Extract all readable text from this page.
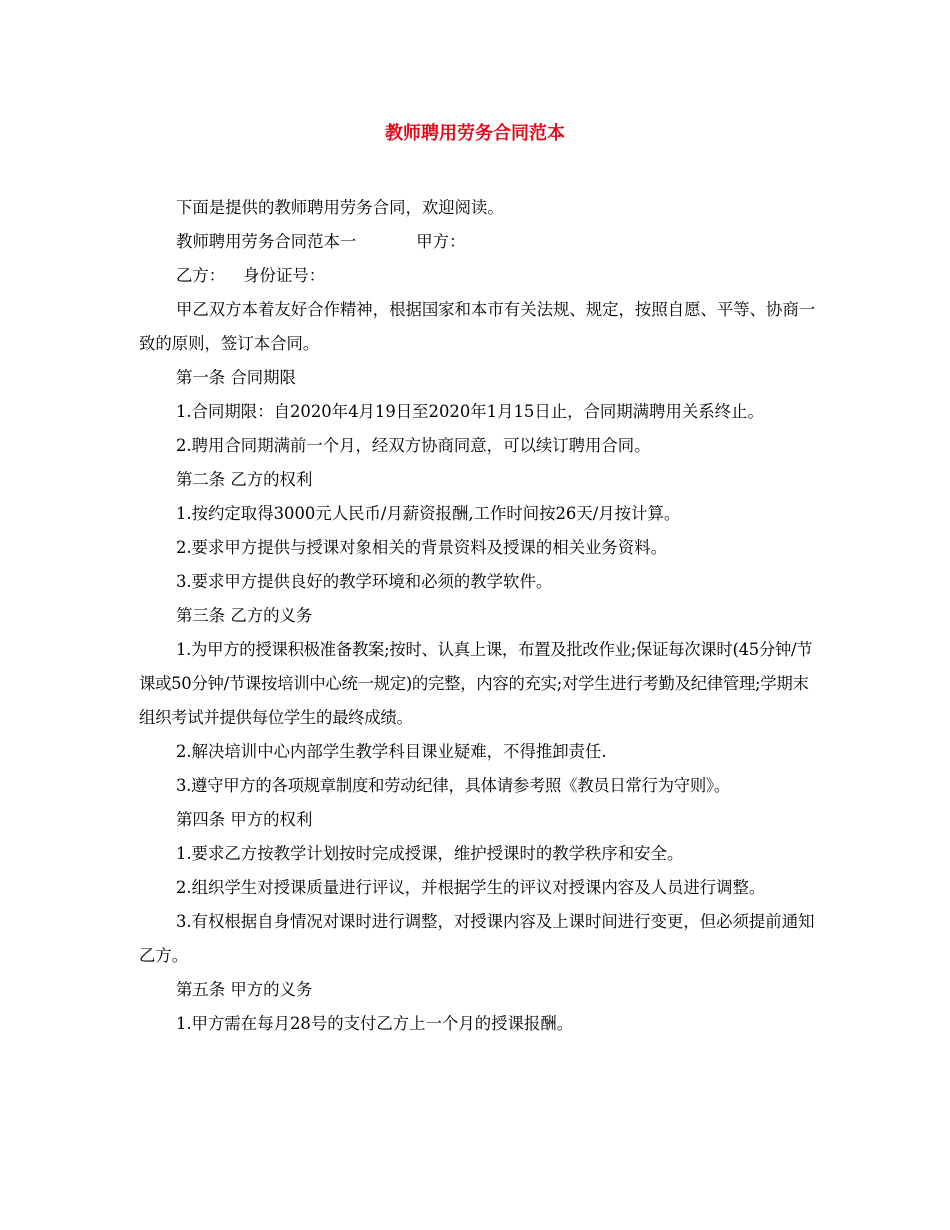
教师聘用劳务合同范本

下面是提供的教师聘用劳务合同，欢迎阅读。

教师聘用劳务合同范本一	甲方：

乙方： 身份证号：

甲乙双方本着友好合作精神，根据国家和本市有关法规、规定，按照自愿、平等、协商一致的原则，签订本合同。

第一条 合同期限

1.合同期限：自2020年4月19日至2020年1月15日止，合同期满聘用关系终止。

2.聘用合同期满前一个月，经双方协商同意，可以续订聘用合同。

第二条 乙方的权利

1.按约定取得3000元人民币/月薪资报酬,工作时间按26天/月按计算。

2.要求甲方提供与授课对象相关的背景资料及授课的相关业务资料。

3.要求甲方提供良好的教学环境和必须的教学软件。

第三条 乙方的义务

1.为甲方的授课积极准备教案;按时、认真上课，布置及批改作业;保证每次课时(45分钟/节课或50分钟/节课按培训中心统一规定)的完整，内容的充实;对学生进行考勤及纪律管理;学期末组织考试并提供每位学生的最终成绩。

2.解决培训中心内部学生教学科目课业疑难，不得推卸责任.

3.遵守甲方的各项规章制度和劳动纪律，具体请参考照《教员日常行为守则》。

第四条 甲方的权利

1.要求乙方按教学计划按时完成授课，维护授课时的教学秩序和安全。

2.组织学生对授课质量进行评议，并根据学生的评议对授课内容及人员进行调整。

3.有权根据自身情况对课时进行调整，对授课内容及上课时间进行变更，但必须提前通知乙方。

第五条 甲方的义务

1.甲方需在每月28号的支付乙方上一个月的授课报酬。
